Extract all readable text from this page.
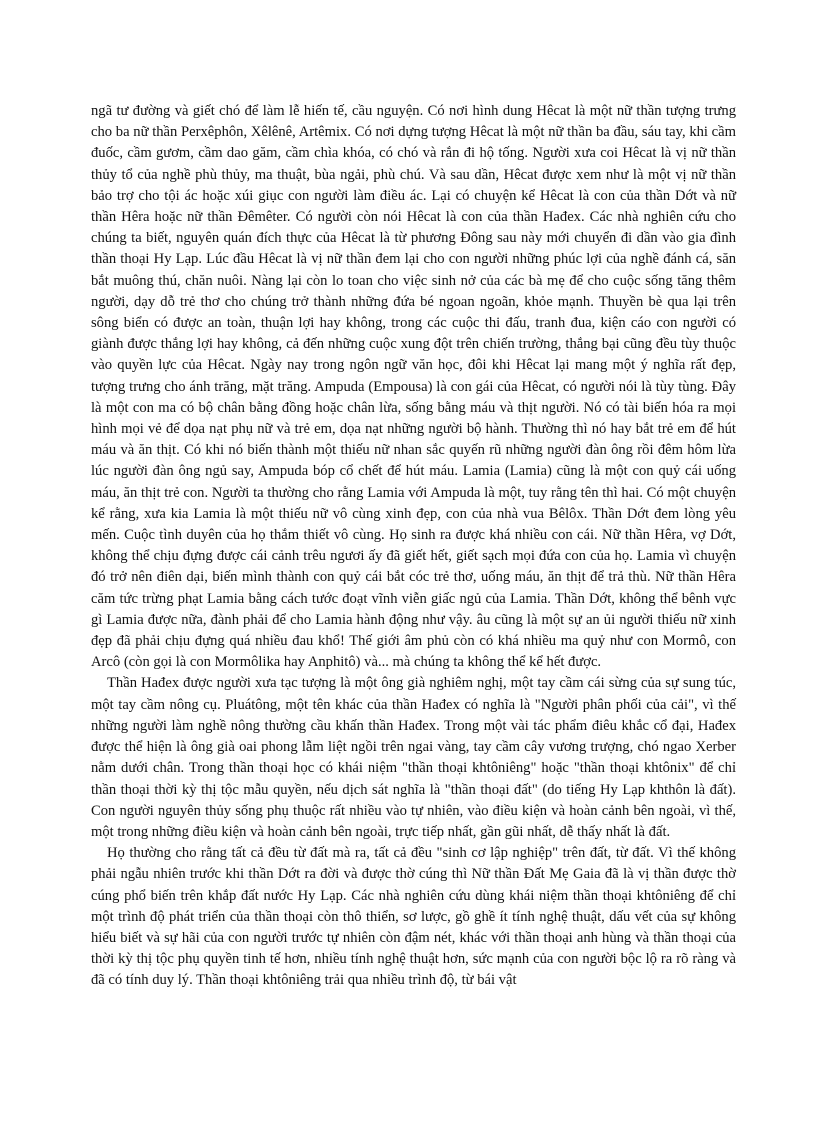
ngã tư đường và giết chó để làm lễ hiến tế, cầu nguyện. Có nơi hình dung Hêcat là một nữ thần tượng trưng cho ba nữ thần Perxêphôn, Xêlênê, Artêmix. Có nơi dựng tượng Hêcat là một nữ thần ba đầu, sáu tay, khi cầm đuốc, cầm gươm, cầm dao găm, cầm chìa khóa, có chó và rắn đi hộ tống. Người xưa coi Hêcat là vị nữ thần thủy tổ của nghề phù thủy, ma thuật, bùa ngải, phù chú. Và sau dần, Hêcat được xem như là một vị nữ thần bảo trợ cho tội ác hoặc xúi giục con người làm điều ác. Lại có chuyện kể Hêcat là con của thần Dớt và nữ thần Hêra hoặc nữ thần Đêmêter. Có người còn nói Hêcat là con của thần Hađex. Các nhà nghiên cứu cho chúng ta biết, nguyên quán đích thực của Hêcat là từ phương Đông sau này mới chuyển đi dần vào gia đình thần thoại Hy Lạp. Lúc đầu Hêcat là vị nữ thần đem lại cho con người những phúc lợi của nghề đánh cá, săn bắt muông thú, chăn nuôi. Nàng lại còn lo toan cho việc sinh nở của các bà mẹ để cho cuộc sống tăng thêm người, dạy dỗ trẻ thơ cho chúng trở thành những đứa bé ngoan ngoãn, khỏe mạnh. Thuyền bè qua lại trên sông biển có được an toàn, thuận lợi hay không, trong các cuộc thi đấu, tranh đua, kiện cáo con người có giành được thắng lợi hay không, cả đến những cuộc xung đột trên chiến trường, thắng bại cũng đều tùy thuộc vào quyền lực của Hêcat. Ngày nay trong ngôn ngữ văn học, đôi khi Hêcat lại mang một ý nghĩa rất đẹp, tượng trưng cho ánh trăng, mặt trăng. Ampuda (Empousa) là con gái của Hêcat, có người nói là tùy tùng. Đây là một con ma có bộ chân bằng đồng hoặc chân lừa, sống bằng máu và thịt người. Nó có tài biến hóa ra mọi hình mọi vẻ để dọa nạt phụ nữ và trẻ em, dọa nạt những người bộ hành. Thường thì nó hay bắt trẻ em để hút máu và ăn thịt. Có khi nó biến thành một thiếu nữ nhan sắc quyến rũ những người đàn ông rồi đêm hôm lừa lúc người đàn ông ngủ say, Ampuda bóp cổ chết để hút máu. Lamia (Lamia) cũng là một con quỷ cái uống máu, ăn thịt trẻ con. Người ta thường cho rằng Lamia với Ampuda là một, tuy rằng tên thì hai. Có một chuyện kể rằng, xưa kia Lamia là một thiếu nữ vô cùng xinh đẹp, con của nhà vua Bêlôx. Thần Dớt đem lòng yêu mến. Cuộc tình duyên của họ thắm thiết vô cùng. Họ sinh ra được khá nhiều con cái. Nữ thần Hêra, vợ Dớt, không thể chịu đựng được cái cảnh trêu ngươi ấy đã giết hết, giết sạch mọi đứa con của họ. Lamia vì chuyện đó trở nên điên dại, biến mình thành con quỷ cái bắt cóc trẻ thơ, uống máu, ăn thịt để trả thù. Nữ thần Hêra căm tức trừng phạt Lamia bằng cách tước đoạt vĩnh viễn giấc ngủ của Lamia. Thần Dớt, không thể bênh vực gì Lamia được nữa, đành phải để cho Lamia hành động như vậy. âu cũng là một sự an ủi người thiếu nữ xinh đẹp đã phải chịu đựng quá nhiều đau khổ! Thế giới âm phủ còn có khá nhiều ma quỷ như con Mormô, con Arcô (còn gọi là con Mormôlika hay Anphitô) và... mà chúng ta không thể kể hết được.

Thần Hađex được người xưa tạc tượng là một ông già nghiêm nghị, một tay cầm cái sừng của sự sung túc, một tay cầm nông cụ. Pluátông, một tên khác của thần Hađex có nghĩa là "Người phân phối của cải", vì thế những người làm nghề nông thường cầu khấn thần Hađex. Trong một vài tác phẩm điêu khắc cổ đại, Hađex được thể hiện là ông già oai phong lẫm liệt ngồi trên ngai vàng, tay cầm cây vương trượng, chó ngao Xerber nằm dưới chân. Trong thần thoại học có khái niệm "thần thoại khtôniêng" hoặc "thần thoại khtônix" để chỉ thần thoại thời kỳ thị tộc mẫu quyền, nếu dịch sát nghĩa là "thần thoại đất" (do tiếng Hy Lạp khthôn là đất). Con người nguyên thủy sống phụ thuộc rất nhiều vào tự nhiên, vào điều kiện và hoàn cảnh bên ngoài, vì thế, một trong những điều kiện và hoàn cảnh bên ngoài, trực tiếp nhất, gần gũi nhất, dễ thấy nhất là đất.

Họ thường cho rằng tất cả đều từ đất mà ra, tất cả đều "sinh cơ lập nghiệp" trên đất, từ đất. Vì thế không phải ngẫu nhiên trước khi thần Dớt ra đời và được thờ cúng thì Nữ thần Đất Mẹ Gaia đã là vị thần được thờ cúng phổ biến trên khắp đất nước Hy Lạp. Các nhà nghiên cứu dùng khái niệm thần thoại khtôniêng để chỉ một trình độ phát triển của thần thoại còn thô thiển, sơ lược, gồ ghề ít tính nghệ thuật, dấu vết của sự không hiểu biết và sự hãi của con người trước tự nhiên còn đậm nét, khác với thần thoại anh hùng và thần thoại của thời kỳ thị tộc phụ quyền tinh tế hơn, nhiều tính nghệ thuật hơn, sức mạnh của con người bộc lộ ra rõ ràng và đã có tính duy lý. Thần thoại khtôniêng trải qua nhiều trình độ, từ bái vật
